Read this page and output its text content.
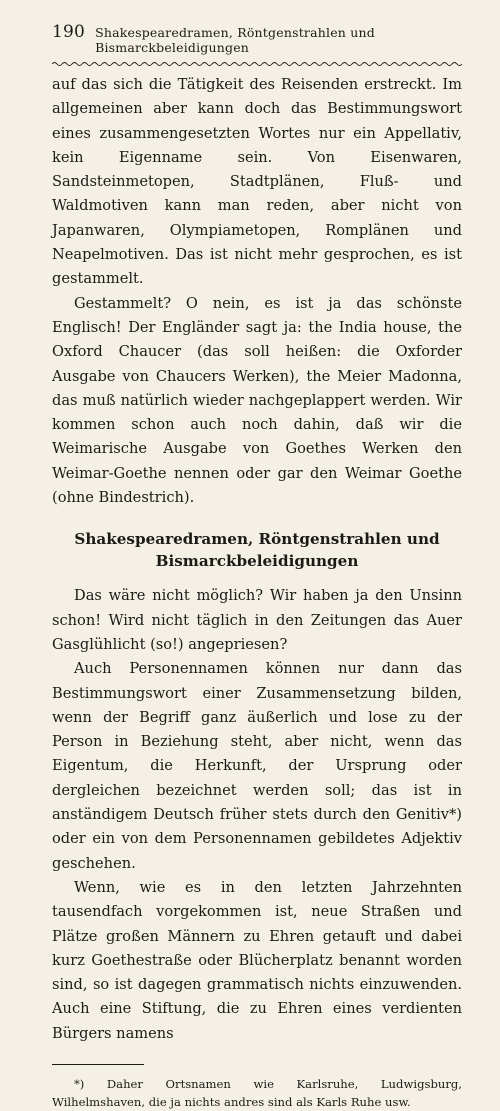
190 Shakespearedramen, Röntgenstrahlen und Bismarckbeleidigungen

auf das sich die Tätigkeit des Reisenden erstreckt. Im allgemeinen aber kann doch das Bestimmungswort eines zusammengesetzten Wortes nur ein Appellativ, kein Eigenname sein. Von Eisenwaren, Sandsteinmetopen, Stadtplänen, Fluß- und Waldmotiven kann man reden, aber nicht von Japanwaren, Olympiametopen, Romplänen und Neapelmotiven. Das ist nicht mehr gesprochen, es ist gestammelt.

Gestammelt? O nein, es ist ja das schönste Englisch! Der Engländer sagt ja: the India house, the Oxford Chaucer (das soll heißen: die Oxforder Ausgabe von Chaucers Werken), the Meier Madonna, das muß natürlich wieder nachgeplappert werden. Wir kommen schon auch noch dahin, daß wir die Weimarische Ausgabe von Goethes Werken den Weimar-Goethe nennen oder gar den Weimar Goethe (ohne Bindestrich).

Shakespearedramen, Röntgenstrahlen und Bismarckbeleidigungen

Das wäre nicht möglich? Wir haben ja den Unsinn schon! Wird nicht täglich in den Zeitungen das Auer Gasglühlicht (so!) angepriesen?

Auch Personennamen können nur dann das Bestimmungswort einer Zusammensetzung bilden, wenn der Begriff ganz äußerlich und lose zu der Person in Beziehung steht, aber nicht, wenn das Eigentum, die Herkunft, der Ursprung oder dergleichen bezeichnet werden soll; das ist in anständigem Deutsch früher stets durch den Genitiv*) oder ein von dem Personennamen gebildetes Adjektiv geschehen.

Wenn, wie es in den letzten Jahrzehnten tausendfach vorgekommen ist, neue Straßen und Plätze großen Männern zu Ehren getauft und dabei kurz Goethestraße oder Blücherplatz benannt worden sind, so ist dagegen grammatisch nichts einzuwenden. Auch eine Stiftung, die zu Ehren eines verdienten Bürgers namens

*) Daher Ortsnamen wie Karlsruhe, Ludwigsburg, Wilhelmshaven, die ja nichts andres sind als Karls Ruhe usw.
